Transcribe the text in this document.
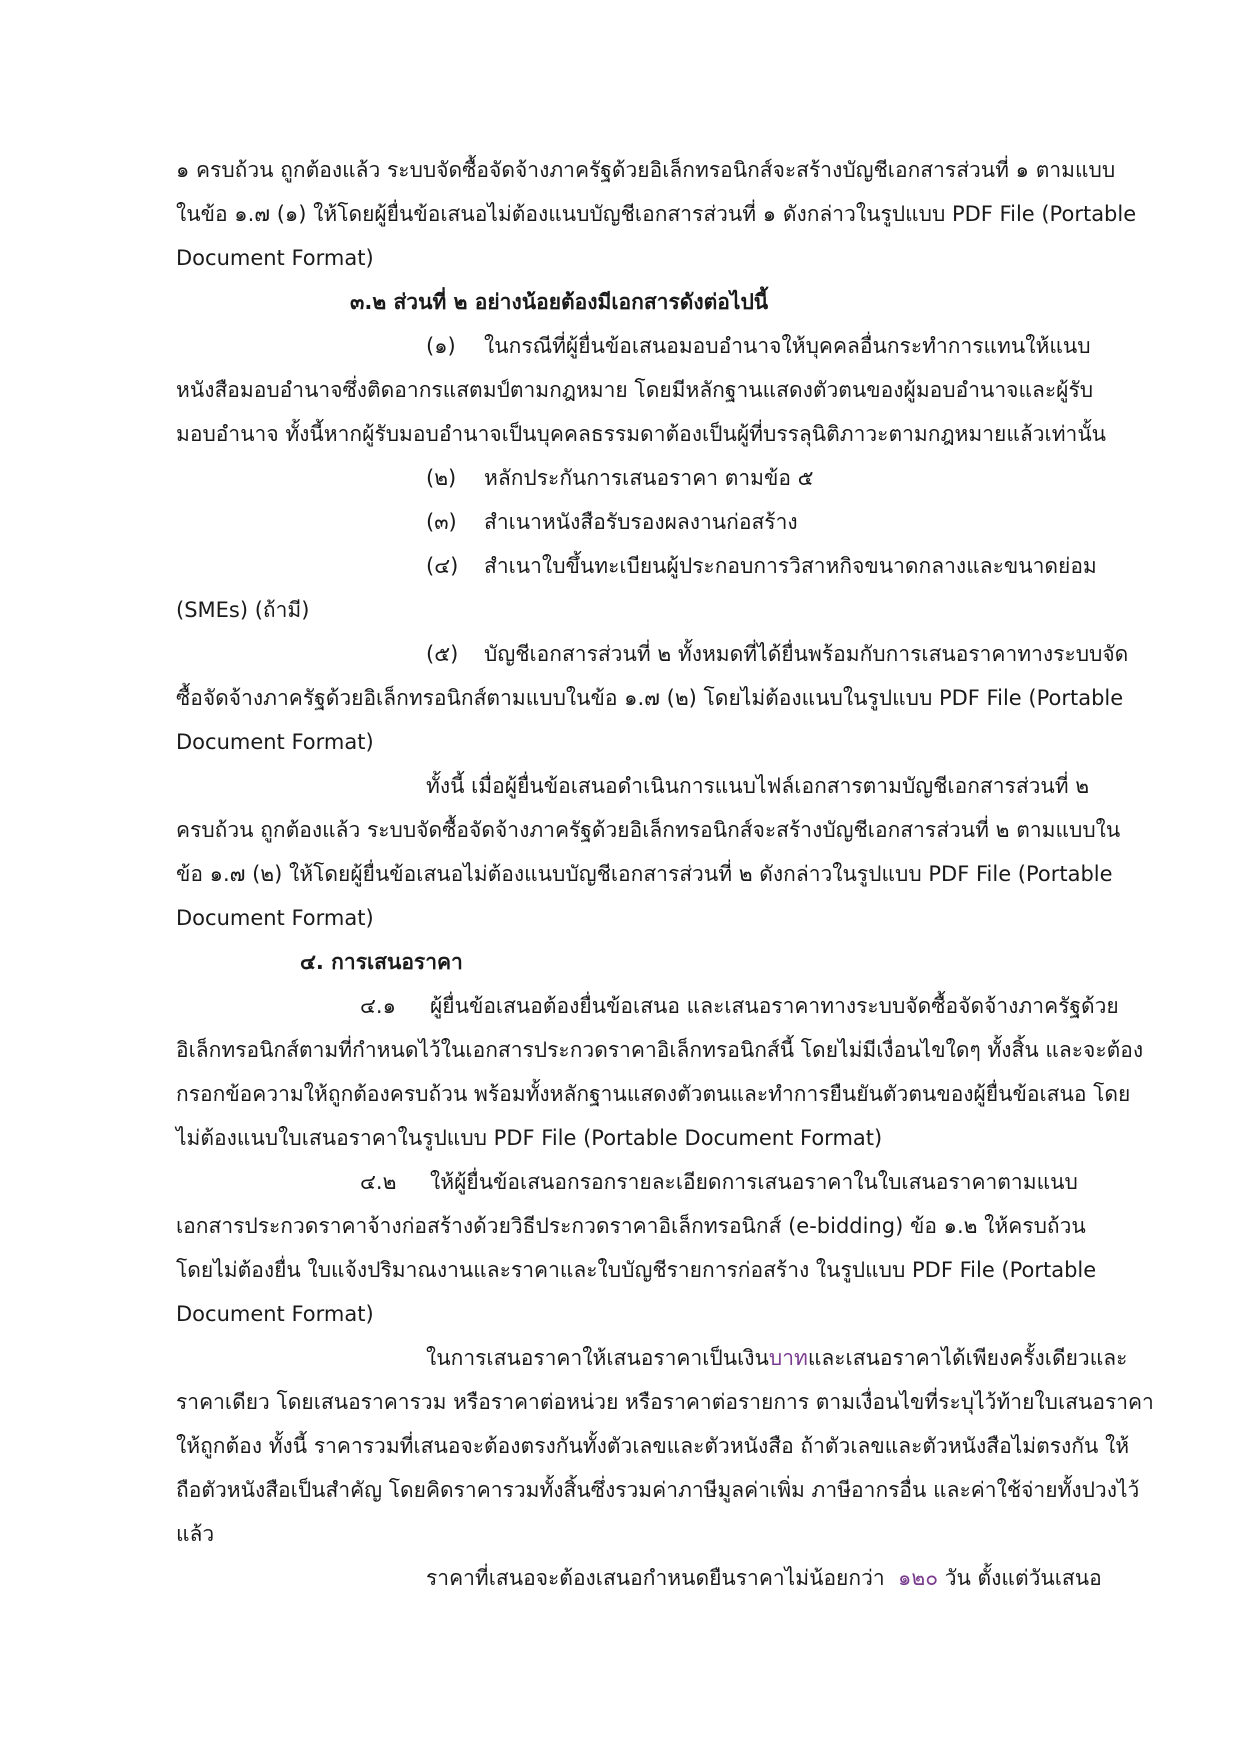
๑ ครบถ้วน ถูกต้องแล้ว ระบบจัดซื้อจัดจ้างภาครัฐด้วยอิเล็กทรอนิกส์จะสร้างบัญชีเอกสารส่วนที่ ๑ ตามแบบ
ในข้อ ๑.๗ (๑) ให้โดยผู้ยื่นข้อเสนอไม่ต้องแนบบัญชีเอกสารส่วนที่ ๑ ดังกล่าวในรูปแบบ PDF File (Portable
Document Format)
๓.๒ ส่วนที่ ๒ อย่างน้อยต้องมีเอกสารดังต่อไปนี้
(๑) ในกรณีที่ผู้ยื่นข้อเสนอมอบอำนาจให้บุคคลอื่นกระทำการแทนให้แนบ
หนังสือมอบอำนาจซึ่งติดอากรแสตมป์ตามกฎหมาย โดยมีหลักฐานแสดงตัวตนของผู้มอบอำนาจและผู้รับ
มอบอำนาจ ทั้งนี้หากผู้รับมอบอำนาจเป็นบุคคลธรรมดาต้องเป็นผู้ที่บรรลุนิติภาวะตามกฎหมายแล้วเท่านั้น
(๒) หลักประกันการเสนอราคา ตามข้อ ๕
(๓) สำเนาหนังสือรับรองผลงานก่อสร้าง
(๔) สำเนาใบขึ้นทะเบียนผู้ประกอบการวิสาหกิจขนาดกลางและขนาดย่อม
(SMEs) (ถ้ามี)
(๕) บัญชีเอกสารส่วนที่ ๒ ทั้งหมดที่ได้ยื่นพร้อมกับการเสนอราคาทางระบบจัด
ซื้อจัดจ้างภาครัฐด้วยอิเล็กทรอนิกส์ตามแบบในข้อ ๑.๗ (๒) โดยไม่ต้องแนบในรูปแบบ PDF File (Portable
Document Format)
ทั้งนี้ เมื่อผู้ยื่นข้อเสนอดำเนินการแนบไฟล์เอกสารตามบัญชีเอกสารส่วนที่ ๒
ครบถ้วน ถูกต้องแล้ว ระบบจัดซื้อจัดจ้างภาครัฐด้วยอิเล็กทรอนิกส์จะสร้างบัญชีเอกสารส่วนที่ ๒ ตามแบบใน
ข้อ ๑.๗ (๒) ให้โดยผู้ยื่นข้อเสนอไม่ต้องแนบบัญชีเอกสารส่วนที่ ๒ ดังกล่าวในรูปแบบ PDF File (Portable
Document Format)
๔. การเสนอราคา
๔.๑ ผู้ยื่นข้อเสนอต้องยื่นข้อเสนอ และเสนอราคาทางระบบจัดซื้อจัดจ้างภาครัฐด้วย
อิเล็กทรอนิกส์ตามที่กำหนดไว้ในเอกสารประกวดราคาอิเล็กทรอนิกส์นี้ โดยไม่มีเงื่อนไขใดๆ ทั้งสิ้น และจะต้อง
กรอกข้อความให้ถูกต้องครบถ้วน พร้อมทั้งหลักฐานแสดงตัวตนและทำการยืนยันตัวตนของผู้ยื่นข้อเสนอ โดย
ไม่ต้องแนบใบเสนอราคาในรูปแบบ PDF File (Portable Document Format)
๔.๒ ให้ผู้ยื่นข้อเสนอกรอกรายละเอียดการเสนอราคาในใบเสนอราคาตามแนบ
เอกสารประกวดราคาจ้างก่อสร้างด้วยวิธีประกวดราคาอิเล็กทรอนิกส์ (e-bidding) ข้อ ๑.๒ ให้ครบถ้วน
โดยไม่ต้องยื่น ใบแจ้งปริมาณงานและราคาและใบบัญชีรายการก่อสร้าง ในรูปแบบ PDF File (Portable
Document Format)
ในการเสนอราคาให้เสนอราคาเป็นเงินบาทและเสนอราคาได้เพียงครั้งเดียวและ
ราคาเดียว โดยเสนอราคารวม หรือราคาต่อหน่วย หรือราคาต่อรายการ ตามเงื่อนไขที่ระบุไว้ท้ายใบเสนอราคา
ให้ถูกต้อง ทั้งนี้ ราคารวมที่เสนอจะต้องตรงกันทั้งตัวเลขและตัวหนังสือ ถ้าตัวเลขและตัวหนังสือไม่ตรงกัน ให้
ถือตัวหนังสือเป็นสำคัญ โดยคิดราคารวมทั้งสิ้นซึ่งรวมค่าภาษีมูลค่าเพิ่ม ภาษีอากรอื่น และค่าใช้จ่ายทั้งปวงไว้
แล้ว
ราคาที่เสนอจะต้องเสนอกำหนดยืนราคาไม่น้อยกว่า ๑๒๐ วัน ตั้งแต่วันเสนอ
